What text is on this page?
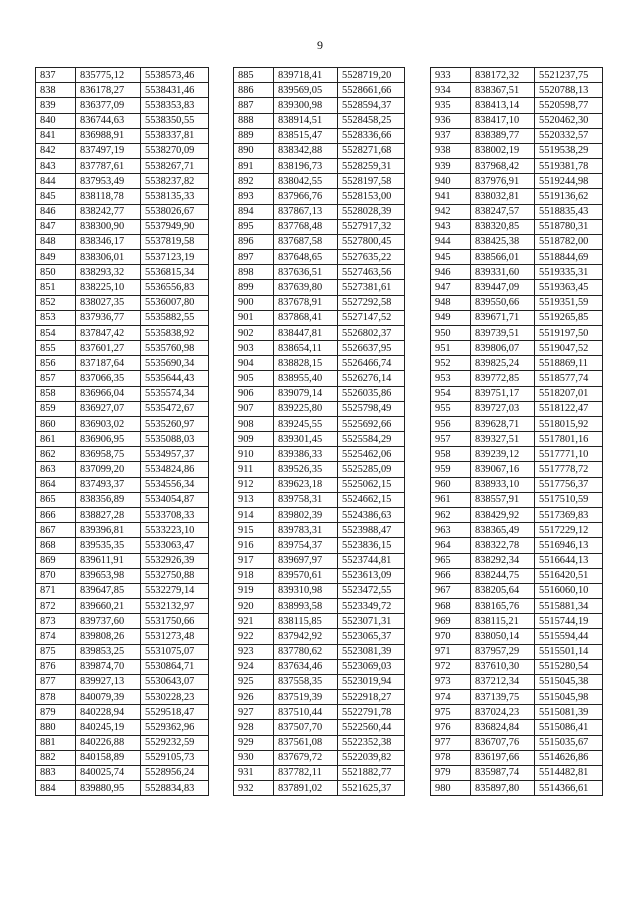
9
837	835775,12	5538573,46
838	836178,27	5538431,46
839	836377,09	5538353,83
840	836744,63	5538350,55
841	836988,91	5538337,81
842	837497,19	5538270,09
843	837787,61	5538267,71
844	837953,49	5538237,82
845	838118,78	5538135,33
846	838242,77	5538026,67
847	838300,90	5537949,90
848	838346,17	5537819,58
849	838306,01	5537123,19
850	838293,32	5536815,34
851	838225,10	5536556,83
852	838027,35	5536007,80
853	837936,77	5535882,55
854	837847,42	5535838,92
855	837601,27	5535760,98
856	837187,64	5535690,34
857	837066,35	5535644,43
858	836966,04	5535574,34
859	836927,07	5535472,67
860	836903,02	5535260,97
861	836906,95	5535088,03
862	836958,75	5534957,37
863	837099,20	5534824,86
864	837493,37	5534556,34
865	838356,89	5534054,87
866	838827,28	5533708,33
867	839396,81	5533223,10
868	839535,35	5533063,47
869	839611,91	5532926,39
870	839653,98	5532750,88
871	839647,85	5532279,14
872	839660,21	5532132,97
873	839737,60	5531750,66
874	839808,26	5531273,48
875	839853,25	5531075,07
876	839874,70	5530864,71
877	839927,13	5530643,07
878	840079,39	5530228,23
879	840228,94	5529518,47
880	840245,19	5529362,96
881	840226,88	5529232,59
882	840158,89	5529105,73
883	840025,74	5528956,24
884	839880,95	5528834,83
885	839718,41	5528719,20
886	839569,05	5528661,66
887	839300,98	5528594,37
888	838914,51	5528458,25
889	838515,47	5528336,66
890	838342,88	5528271,68
891	838196,73	5528259,31
892	838042,55	5528197,58
893	837966,76	5528153,00
894	837867,13	5528028,39
895	837768,48	5527917,32
896	837687,58	5527800,45
897	837648,65	5527635,22
898	837636,51	5527463,56
899	837639,80	5527381,61
900	837678,91	5527292,58
901	837868,41	5527147,52
902	838447,81	5526802,37
903	838654,11	5526637,95
904	838828,15	5526466,74
905	838955,40	5526276,14
906	839079,14	5526035,86
907	839225,80	5525798,49
908	839245,55	5525692,66
909	839301,45	5525584,29
910	839386,33	5525462,06
911	839526,35	5525285,09
912	839623,18	5525062,15
913	839758,31	5524662,15
914	839802,39	5524386,63
915	839783,31	5523988,47
916	839754,37	5523836,15
917	839697,97	5523744,81
918	839570,61	5523613,09
919	839310,98	5523472,55
920	838993,58	5523349,72
921	838115,85	5523071,31
922	837942,92	5523065,37
923	837780,62	5523081,39
924	837634,46	5523069,03
925	837558,35	5523019,94
926	837519,39	5522918,27
927	837510,44	5522791,78
928	837507,70	5522560,44
929	837561,08	5522352,38
930	837679,72	5522039,82
931	837782,11	5521882,77
932	837891,02	5521625,37
933	838172,32	5521237,75
934	838367,51	5520788,13
935	838413,14	5520598,77
936	838417,10	5520462,30
937	838389,77	5520332,57
938	838002,19	5519538,29
939	837968,42	5519381,78
940	837976,91	5519244,98
941	838032,81	5519136,62
942	838247,57	5518835,43
943	838320,85	5518780,31
944	838425,38	5518782,00
945	838566,01	5518844,69
946	839331,60	5519335,31
947	839447,09	5519363,45
948	839550,66	5519351,59
949	839671,71	5519265,85
950	839739,51	5519197,50
951	839806,07	5519047,52
952	839825,24	5518869,11
953	839772,85	5518577,74
954	839751,17	5518207,01
955	839727,03	5518122,47
956	839628,71	5518015,92
957	839327,51	5517801,16
958	839239,12	5517771,10
959	839067,16	5517778,72
960	838933,10	5517756,37
961	838557,91	5517510,59
962	838429,92	5517369,83
963	838365,49	5517229,12
964	838322,78	5516946,13
965	838292,34	5516644,13
966	838244,75	5516420,51
967	838205,64	5516060,10
968	838165,76	5515881,34
969	838115,21	5515744,19
970	838050,14	5515594,44
971	837957,29	5515501,14
972	837610,30	5515280,54
973	837212,34	5515045,38
974	837139,75	5515045,98
975	837024,23	5515081,39
976	836824,84	5515086,41
977	836707,76	5515035,67
978	836197,66	5514626,86
979	835987,74	5514482,81
980	835897,80	5514366,61
